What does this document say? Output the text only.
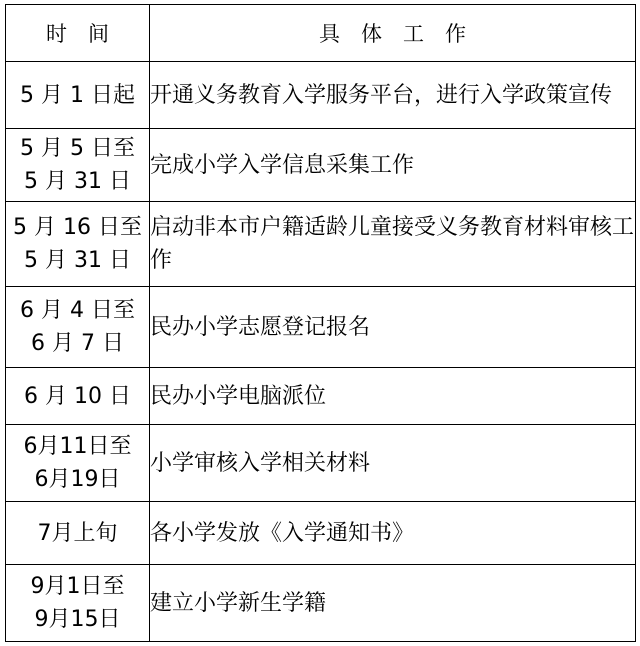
时　间	具　体　工　作

5 月 1 日起	开通义务教育入学服务平台，进行入学政策宣传

5 月 5 日至
5 月 31 日	完成小学入学信息采集工作

5 月 16 日至
5 月 31 日	启动非本市户籍适龄儿童接受义务教育材料审核工作

6 月 4 日至
6 月 7 日	民办小学志愿登记报名

6 月 10 日	民办小学电脑派位

6月11日至
6月19日	小学审核入学相关材料

7月上旬	各小学发放《入学通知书》

9月1日至
9月15日	建立小学新生学籍
